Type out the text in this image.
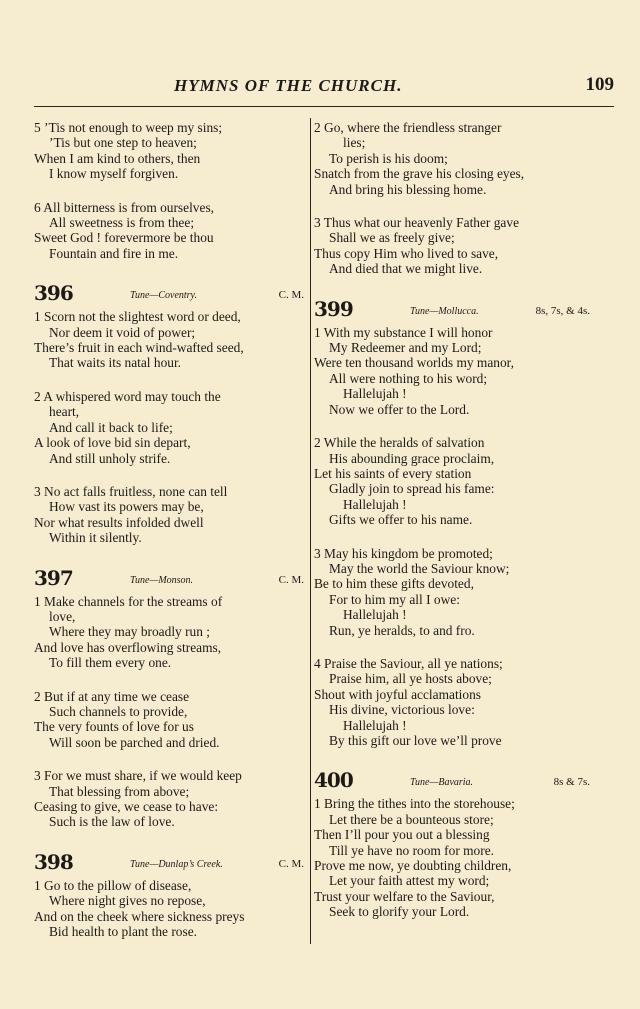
HYMNS OF THE CHURCH.	109
5 ’Tis not enough to weep my sins;
’Tis but one step to heaven;
When I am kind to others, then
I know myself forgiven.
6 All bitterness is from ourselves,
All sweetness is from thee;
Sweet God ! forevermore be thou
Fountain and fire in me.
396	Tune—Coventry.	C. M.
1 Scorn not the slightest word or deed,
Nor deem it void of power;
There’s fruit in each wind-wafted seed,
That waits its natal hour.
2 A whispered word may touch the
heart,
And call it back to life;
A look of love bid sin depart,
And still unholy strife.
3 No act falls fruitless, none can tell
How vast its powers may be,
Nor what results infolded dwell
Within it silently.
397	Tune—Monson.	C. M.
1 Make channels for the streams of
love,
Where they may broadly run ;
And love has overflowing streams,
To fill them every one.
2 But if at any time we cease
Such channels to provide,
The very founts of love for us
Will soon be parched and dried.
3 For we must share, if we would keep
That blessing from above;
Ceasing to give, we cease to have:
Such is the law of love.
398	Tune—Dunlap’s Creek.	C. M.
1 Go to the pillow of disease,
Where night gives no repose,
And on the cheek where sickness preys
Bid health to plant the rose.
2 Go, where the friendless stranger
lies;
To perish is his doom;
Snatch from the grave his closing eyes,
And bring his blessing home.
3 Thus what our heavenly Father gave
Shall we as freely give;
Thus copy Him who lived to save,
And died that we might live.
399	Tune—Mollucca.	8s, 7s, & 4s.
1 With my substance I will honor
My Redeemer and my Lord;
Were ten thousand worlds my manor,
All were nothing to his word;
Hallelujah !
Now we offer to the Lord.
2 While the heralds of salvation
His abounding grace proclaim,
Let his saints of every station
Gladly join to spread his fame:
Hallelujah !
Gifts we offer to his name.
3 May his kingdom be promoted;
May the world the Saviour know;
Be to him these gifts devoted,
For to him my all I owe:
Hallelujah !
Run, ye heralds, to and fro.
4 Praise the Saviour, all ye nations;
Praise him, all ye hosts above;
Shout with joyful acclamations
His divine, victorious love:
Hallelujah !
By this gift our love we’ll prove
400	Tune—Bavaria.	8s & 7s.
1 Bring the tithes into the storehouse;
Let there be a bounteous store;
Then I’ll pour you out a blessing
Till ye have no room for more.
Prove me now, ye doubting children,
Let your faith attest my word;
Trust your welfare to the Saviour,
Seek to glorify your Lord.
